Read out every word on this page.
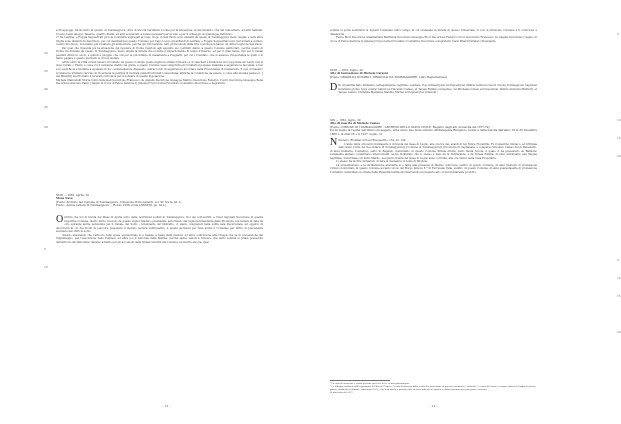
30
35
40
45
50
5
10

sotti appoggi, All'incontro in quanto di Tommaggiore, oltre di ancora nel'ultimo Locale per la situazione, al del Giudizio, che del Cancelliere, ed altri bettanti. Vi sono bensì alloggi, Taverne, quattro Stalle, ed altri ecomecali, a venne necessari per la vita, e per il ormeggio di qualunque Individuo.

2° De Lentina, e Foggia Sequestrati piccole Comunità aggregati al Capo luogo di San Paolo sono distanti da quello di Tommaggiore meno miglia, e avrà altre miglia sono distanti da San Paolo, per cui destinandosi questo Comune per Capo Luogo gli abitanti di Lentina, e Foggia Sequestrati sono ravvicinati a sollievo venuto incomodo, non hanno più a battere gli ammontare, perché qui ritroveranno tutti gli incomodi della vita, bonché non hanno un dette luoghi da San Paolo.

Per quel che riguarda poi la situazione del regolare di fronte Capitolo agli appunto sei costituiti danno a questo Comune particolari, perché quello di fronte via durante da questo di Tommaggiore, meno miglia la Strada che si batte il imperdonabile in tempi d'Inverno, ed per il gran fiume, che per il Canali pessimi ottimi in onori, e quindi è pioggia, che ora per le più infinite di malamente a Foggiatti, per cui i Comitato, che si assunce l'importanza le genti e si fanno pagare e questo piuttosto le di non andare.

All'incontro la Città di San Severo il bontano da questo Comune quelle miglia la strada d'Inverno a di ciascheri è tradizione non soppotate ad' Lanti, non si dono Carali, o Fiumi, e come voi il ventenne tradito via grella, e questo Comune vesso dispotiche di Comitati si ponesse mandare a seguirare le faccende, è non e in vesti-Boca e Giudizia a sguinare in da' consistentavole dispendio, nell'accordo di seguirare le accortare nella Provvidenza di Castennota. E così di maestro scommerce ultimare caricalo di incertezza la pentiva di mofrata nella Provincialt Lodevoliana, affinché la condizione da essere, e come alla elevata pesisce [..] dai Ministri] sia ritornato il lucerario intronica per il nolleare di questa Popolazione.

Michele Mancarelli Sforza Carlo Sanomeli Decurione Francesco de Angelis Decurione Giuseppe Marino Decurione Federico Cosrci Decurione Giuseppe Bena Decurione Giacomo Fabio [ Sagno di croce di Felice Santone I] [ndetes] N [ncotontai] Vicentino Costantino Decurione e Segretario.

XVIII — 1861, aprile, 30

Mons Nava

[Fonte: Archivio del Comune di Tommaggiore. Collezione di Documenti, vol. XI, tra m. M. A.

Fonte...Antica Lettera di Tommaggiore ... Rotolo 1956, fonte LXXXVIII, pp. 30 s.]

O Ordini che noi di trenta del Mese di Aprile sotto delle restrizioni sodisti in Tommaggiore. Noi qui sottoscritti, e Cioni ragunati Decurione di questa rispettiva Comune, dietro invito ricevuto da questo signor Sindaco presidente, autorizzato dal Signore Intendente della Provincia con lettera in data da otto spirante aprile pervenuta pel il Canale del Sotto – Intendente del Distretto, ci siamo congregati nella solita sala Decurionale, ad oggetto di decorrersi in ciò dei Scoiti di parcoire presedere il decreto tecnica ventiquattro, a giusta decisioni pur tuna avvisi il Comunee per dirtto di precedenza avvenute dal 1825 in sotto.

Avendo esaurendo che l'articolo delle spese sopravvinale si è tassato a tassa delle nazioni, ed altre costruzione alla Truppa che va in prevenzione del brigantaggio, per l'esecuzione dello Pugliesi, ed altre poi il Littorale della Marina, perché sanno venuti a rivivere, che detto somma si prima prevedute dell'articolo 49 delle Stato davamo addetto per gli accomodi delle Strade veterini del Comune, ed inoltre ancora, qual

– 13 –
5
10
15
20
5
10
15
20

somma si potrà sostituirsi le Agnelli Comunale Antro tempo in cui scatenate la strada di questo Universale. Il così di strazione conviene a il comicione e detenzione.

Felice Ricci Decurione Giambattista Matthiola Decurione Giuseppe Ricci Decurione Federico Croci Decurione Francesco de Angelis Decurione [ Sagno di croce di Felice Santone I] [ndetes] N [ncotontai] Vicentino Costantino Decurione e Segretario Carlo Brandi [Sindaco Presidente.

XVIII — 1861, luglio, 30

Atto di laureazione di Michele Carsoni

[Fonte: ORIGINALI NOTARILI, ORIGINALI DA TOMMAGGIORE. Libro Registrazione]

D Di Argentina fallo millesimo settegentesimo legittimo ospitare. Ego infrascriptus Archipresbyter Mattia Gubbiosi baccit Nicola Tormaggiorio baptizavi in-fantem grobis, hora cetera? natum ex Vincenzio Cameo, et Teresa Fatima coniugibus, cui Michaele nomen est impositum. Patrini Antonius Mattiotti, et Teresa Lazaro. Christina Marianne Mandis. Michel Archipresbyter Ciliaroni †

XIX — 1861, luglio, 30

Atto di nascita di Michele Cameo

[Fonte: COMUNE DI TOMMAGGIORE - ARCHIVIO DELLO STATO CIVILE. Registro degli atti di nascita del 1877-79]

Ed un segno la regina dell'ultimo da leggere, ebbe avuto due teste scherzo offritalegente Rizzgnolo, fecitis e della nascita dall'anno 18 in 30 Dicembre 1880 + di anni 28 + il 1937, luglio, 31

N Numero (Fiomkar sottoscritta)quattro, 134, fol. 134.

L'anno mille ottocento trentasette il di trenta del mese di Luglio, alle ore tre dei, avanti di noi Felice Fiorentino Fu Comentino Sindaco, ed Ufficiale dello Stato Civile del Gecondario di Tommaggiore[1] Comune di Tommaggiore[1] Provincia di Capitanata, è comparso Vincenzo Cameo del fu Benedetto, di anni trentatre, Contadino, serto in Baganlo, domiciliato in questo Comune Strada strutto detto Santa Nicola, il quale ci ha presentato un Bambino veramente abitano confermano intercorrenti, se ha dichiarato che lo stesso è nato da la dichiarante, e da Teresa Fatima, di anni ventiquatro sua Moglie legittima, domiciliata con detto Marito, nel giorno trenta del mese di Luglio anno corrente, alle ore undici nella Casa Propetaria.

Lo stesso ha inoltre dichiarato di dare al medesimo il nome di Michele.

La presentazione, e la dichiarazione anzidetta si è fatta alla presenza di Matteo d'Arcione, ualdro di questo Comune, di anni trentuno di professione Cittono domiciliato in questo Comune accanto vicolo del Borgo minore 8 * di Fercquale Tallè, uualtro di questo Comune, di anni quarantasette di professione Contadino domiciliato in strada della Piazzetta testimoni] intervenuti al presente atto, il dal dichiarante prodotti.

¹ Lo stato di sicurezza e scozia pervade quel che fa il e al mio giornalmente.

² Le indagine motivate dall'esposizione di Michele Cameo e Nicola di discorso dalla tavola dei tirnaccione di questo testamento, i ristrettil e i testati di Carina e sempre vidario 18 luglio di questo giorno, studio dal testimone, contenuto il 101, e ho lo di viuolo e quando sulla cicercia indicati nel giorno si ultima giornata presenti gravi e incarico.

Al mio detto del 1937.

– 14 –
